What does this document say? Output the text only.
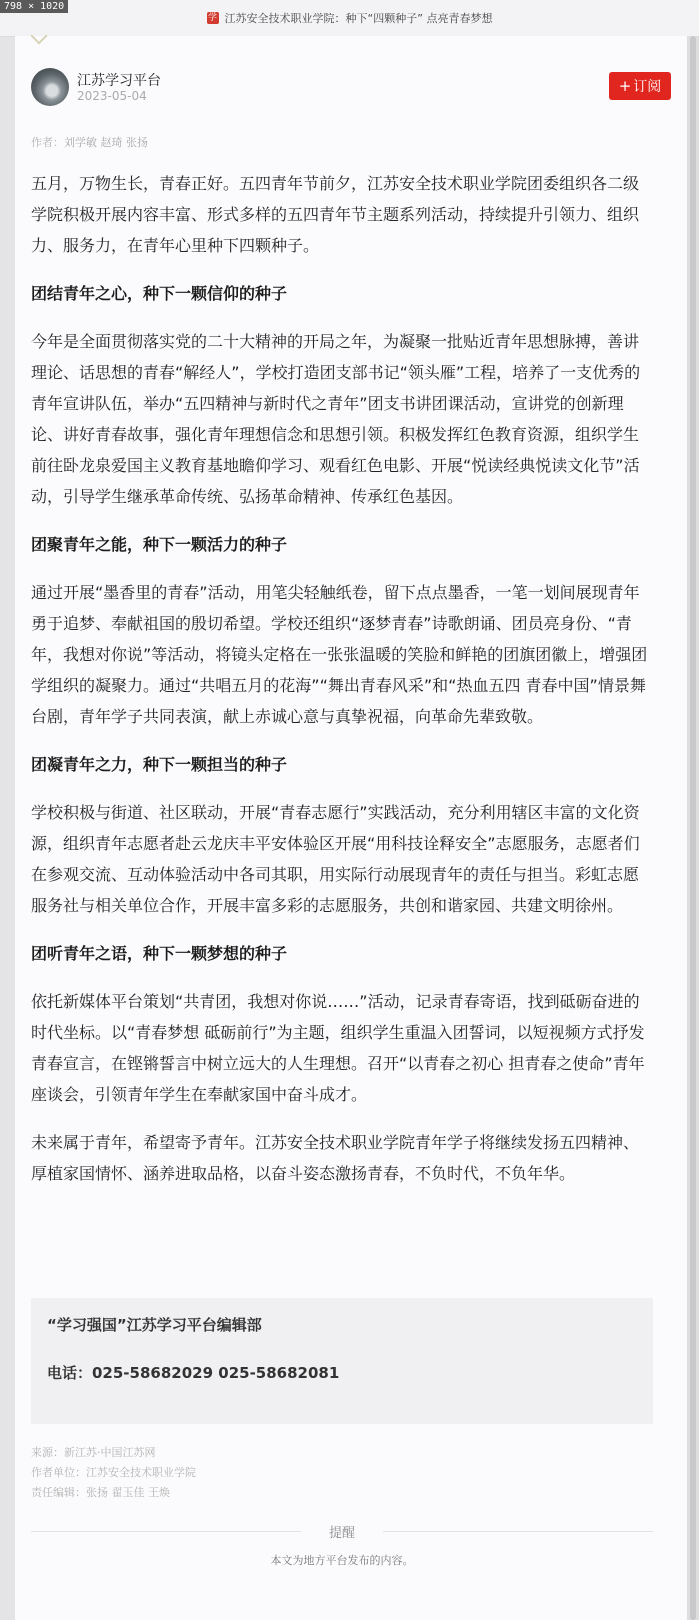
学 江苏安全技术职业学院：种下“四颗种子” 点亮青春梦想
798 × 1020
江苏学习平台
2023-05-04
+ 订阅
作者：刘学敏 赵琦 张扬

五月，万物生长，青春正好。五四青年节前夕，江苏安全技术职业学院团委组织各二级学院积极开展内容丰富、形式多样的五四青年节主题系列活动，持续提升引领力、组织力、服务力，在青年心里种下四颗种子。

团结青年之心，种下一颗信仰的种子

今年是全面贯彻落实党的二十大精神的开局之年，为凝聚一批贴近青年思想脉搏，善讲理论、话思想的青春“解经人”，学校打造团支部书记“领头雁”工程，培养了一支优秀的青年宣讲队伍，举办“五四精神与新时代之青年”团支书讲团课活动，宣讲党的创新理论、讲好青春故事，强化青年理想信念和思想引领。积极发挥红色教育资源，组织学生前往卧龙泉爱国主义教育基地瞻仰学习、观看红色电影、开展“悦读经典悦读文化节”活动，引导学生继承革命传统、弘扬革命精神、传承红色基因。

团聚青年之能，种下一颗活力的种子

通过开展“墨香里的青春”活动，用笔尖轻触纸卷，留下点点墨香，一笔一划间展现青年勇于追梦、奉献祖国的殷切希望。学校还组织“逐梦青春”诗歌朗诵、团员亮身份、“青年，我想对你说”等活动，将镜头定格在一张张温暖的笑脸和鲜艳的团旗团徽上，增强团学组织的凝聚力。通过“共唱五月的花海”“舞出青春风采”和“热血五四 青春中国”情景舞台剧，青年学子共同表演，献上赤诚心意与真挚祝福，向革命先辈致敬。

团凝青年之力，种下一颗担当的种子

学校积极与街道、社区联动，开展“青春志愿行”实践活动，充分利用辖区丰富的文化资源，组织青年志愿者赴云龙庆丰平安体验区开展“用科技诠释安全”志愿服务，志愿者们在参观交流、互动体验活动中各司其职，用实际行动展现青年的责任与担当。彩虹志愿服务社与相关单位合作，开展丰富多彩的志愿服务，共创和谐家园、共建文明徐州。

团听青年之语，种下一颗梦想的种子

依托新媒体平台策划“共青团，我想对你说……”活动，记录青春寄语，找到砥砺奋进的时代坐标。以“青春梦想 砥砺前行”为主题，组织学生重温入团誓词，以短视频方式抒发青春宣言，在铿锵誓言中树立远大的人生理想。召开“以青春之初心 担青春之使命”青年座谈会，引领青年学生在奉献家国中奋斗成才。

未来属于青年，希望寄予青年。江苏安全技术职业学院青年学子将继续发扬五四精神、厚植家国情怀、涵养进取品格，以奋斗姿态激扬青春，不负时代，不负年华。

“学习强国”江苏学习平台编辑部
电话：025-58682029 025-58682081
来源：新江苏·中国江苏网
作者单位：江苏安全技术职业学院
责任编辑：张扬 翟玉佳 王焕
提醒
本文为地方平台发布的内容。
